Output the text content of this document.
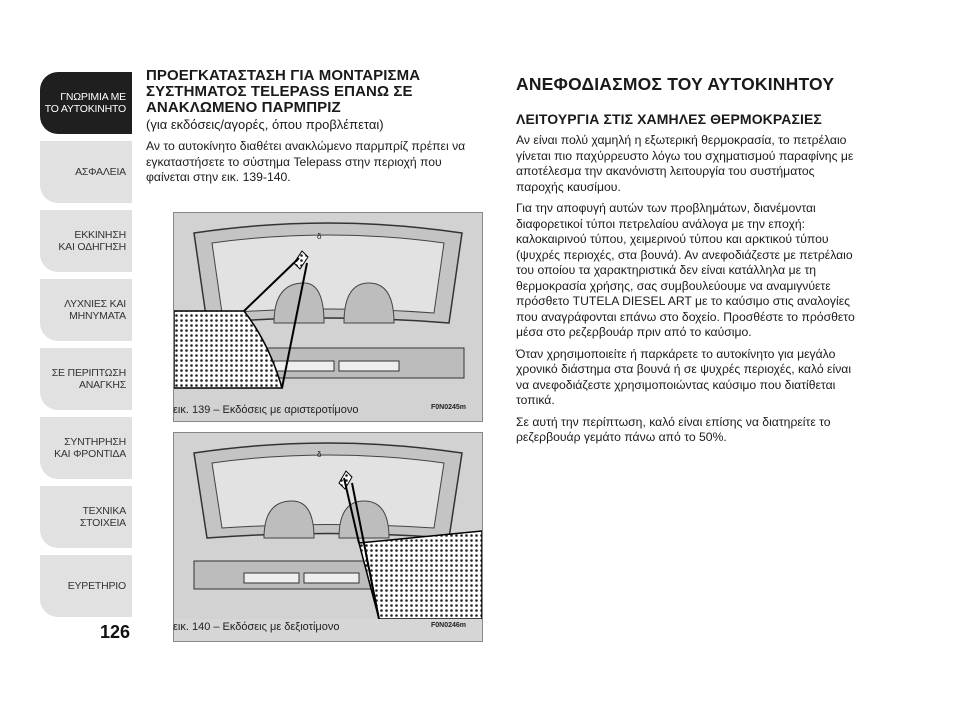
ΓΝΩΡΙΜΙΑ ΜΕ
ΤΟ ΑΥΤΟΚΙΝΗΤΟ
ΑΣΦΑΛΕΙΑ
ΕΚΚΙΝΗΣΗ
ΚΑΙ ΟΔΗΓΗΣΗ
ΛΥΧΝΙΕΣ ΚΑΙ
ΜΗΝΥΜΑΤΑ
ΣΕ ΠΕΡΙΠΤΩΣΗ
ΑΝΑΓΚΗΣ
ΣΥΝΤΗΡΗΣΗ
ΚΑΙ ΦΡΟΝΤΙΔΑ
ΤΕΧΝΙΚΑ
ΣΤΟΙΧΕΙΑ
ΕΥΡΕΤΗΡΙΟ
126
ΠΡΟΕΓΚΑΤΑΣΤΑΣΗ ΓΙΑ ΜΟΝΤΑΡΙΣΜΑ
ΣΥΣΤΗΜΑΤΟΣ TELEPASS ΕΠΑΝΩ ΣΕ
ΑΝΑΚΛΩΜΕΝΟ ΠΑΡΜΠΡΙΖ

(για εκδόσεις/αγορές, όπου προβλέπεται)

Αν το αυτοκίνητο διαθέτει ανακλώμενο παρμπρίζ πρέπει να εγκαταστήσετε το σύστημα Telepass στην περιοχή που φαίνεται στην εικ. 139-140.

δ
εικ. 139 – Εκδόσεις με αριστεροτίμονο	F0N0245m
δ
εικ. 140 – Εκδόσεις με δεξιοτίμονο	F0N0246m
ΑΝΕΦΟΔΙΑΣΜΟΣ ΤΟΥ ΑΥΤΟΚΙΝΗΤΟΥ
ΛΕΙΤΟΥΡΓΙΑ ΣΤΙΣ ΧΑΜΗΛΕΣ ΘΕΡΜΟΚΡΑΣΙΕΣ

Αν είναι πολύ χαμηλή η εξωτερική θερμοκρασία, το πετρέλαιο γίνεται πιο παχύρρευστο λόγω του σχηματισμού παραφίνης με αποτέλεσμα την ακανόνιστη λειτουργία του συστήματος παροχής καυσίμου.

Για την αποφυγή αυτών των προβλημάτων, διανέμονται διαφορετικοί τύποι πετρελαίου ανάλογα με την εποχή: καλοκαιρινού τύπου, χειμερινού τύπου και αρκτικού τύπου (ψυχρές περιοχές, στα βουνά). Αν ανεφοδιάζεστε με πετρέλαιο του οποίου τα χαρακτηριστικά δεν είναι κατάλληλα με τη θερμοκρασία χρήσης, σας συμβουλεύουμε να αναμιγνύετε πρόσθετο TUTELA DIESEL ART με το καύσιμο στις αναλογίες που αναγράφονται επάνω στο δοχείο. Προσθέστε το πρόσθετο μέσα στο ρεζερβουάρ πριν από το καύσιμο.

Όταν χρησιμοποιείτε ή παρκάρετε το αυτοκίνητο για μεγάλο χρονικό διάστημα στα βουνά ή σε ψυχρές περιοχές, καλό είναι να ανεφοδιάζεστε χρησιμοποιώντας καύσιμο που διατίθεται τοπικά.

Σε αυτή την περίπτωση, καλό είναι επίσης να διατηρείτε το ρεζερβουάρ γεμάτο πάνω από το 50%.
